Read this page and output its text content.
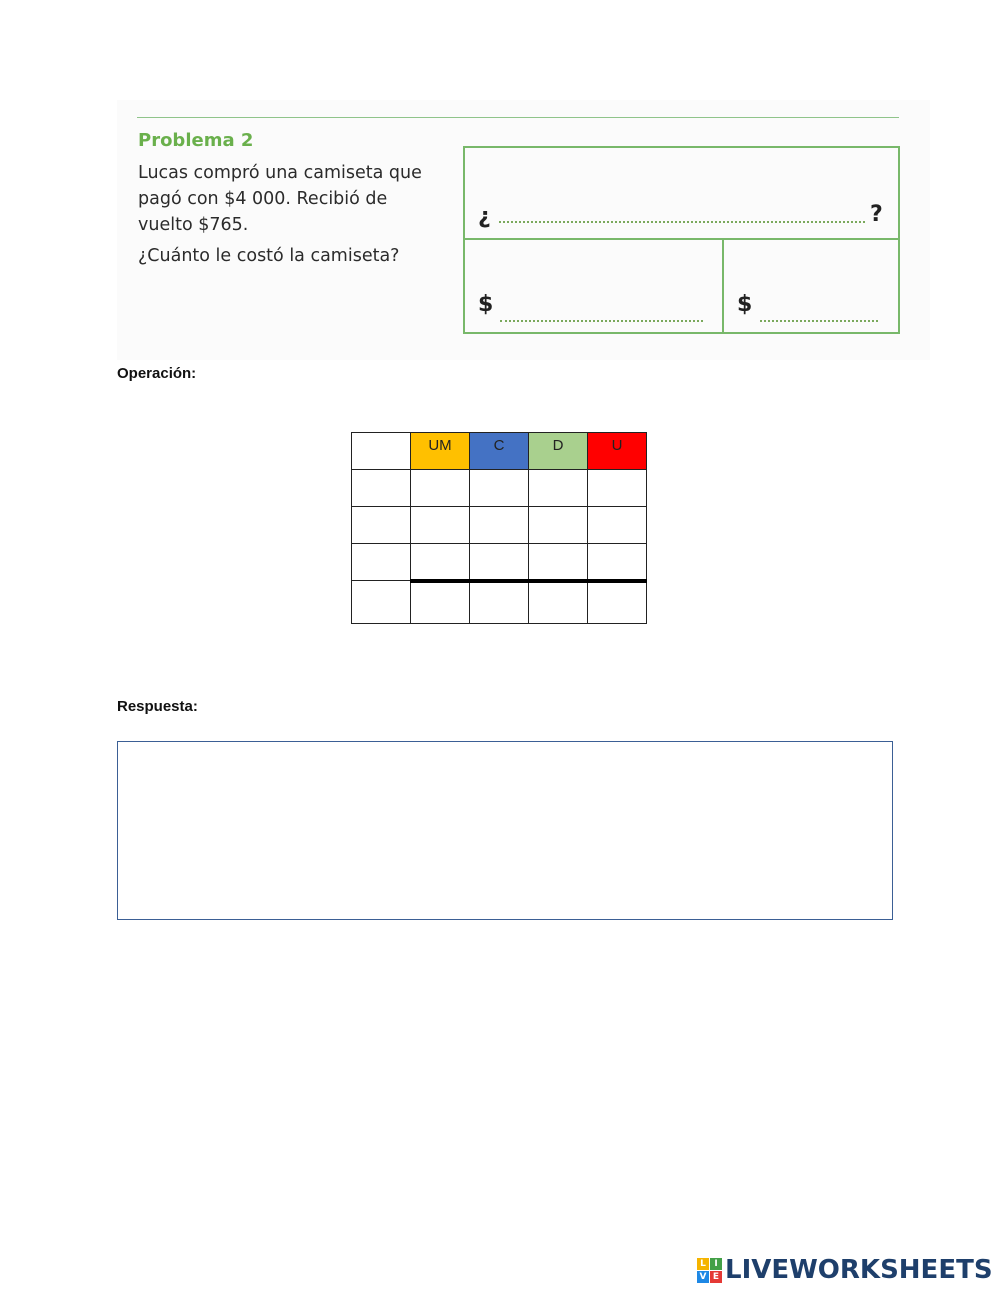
Problema 2

Lucas compró una camiseta que

pagó con $4 000. Recibió de

vuelto $765.

¿Cuánto le costó la camiseta?

¿	?
$	$
Operación:
	UM	C	D	U

Respuesta:
L I
V E LIVEWORKSHEETS
